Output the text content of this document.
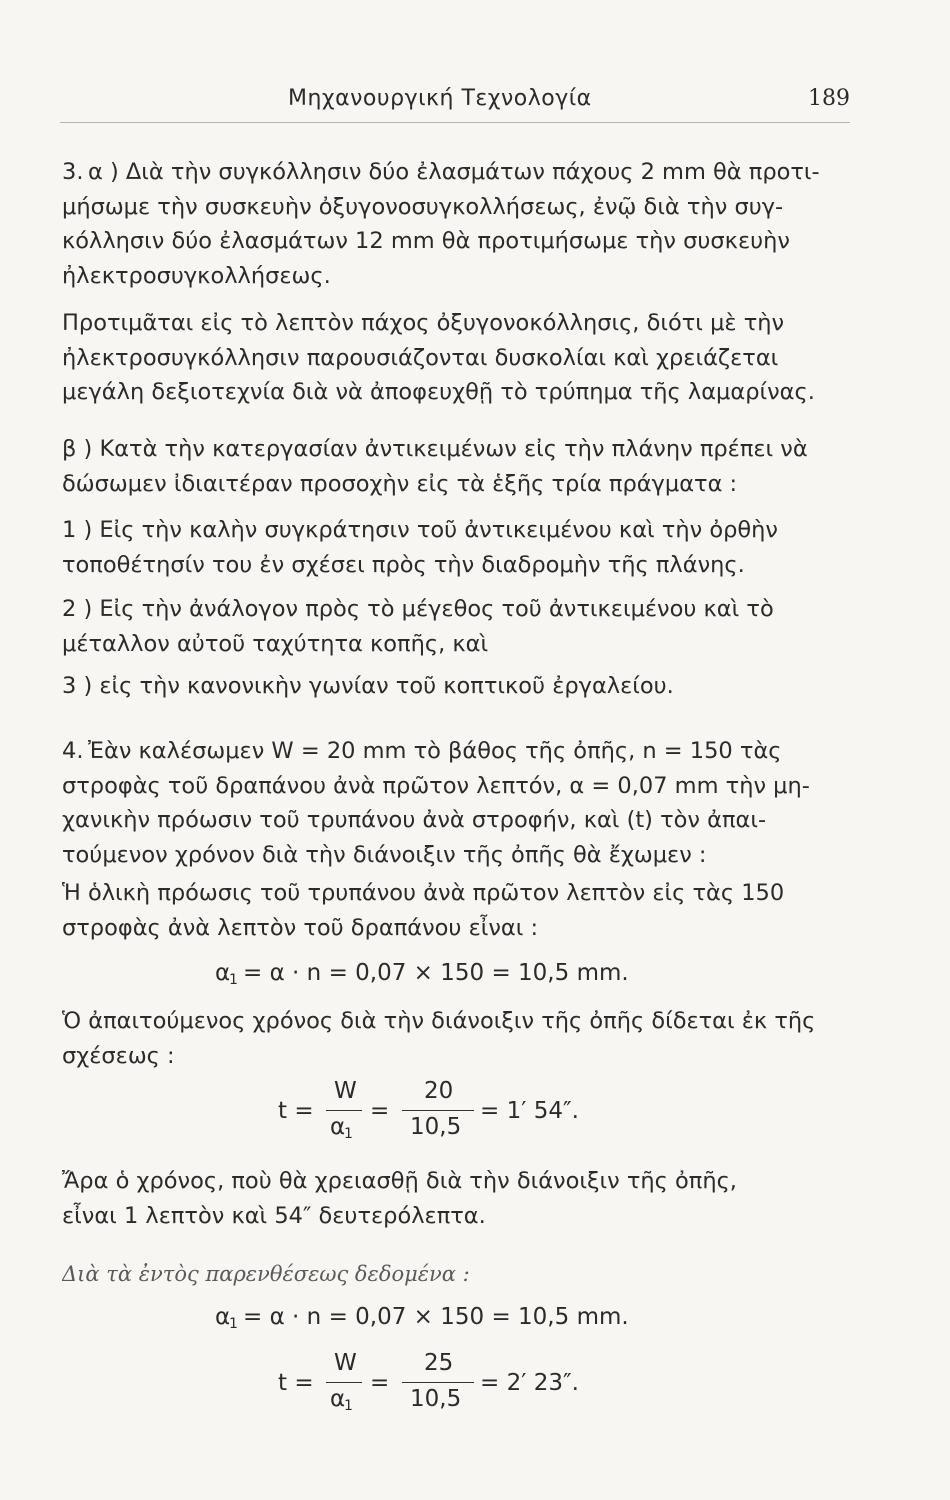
Μηχανουργική Τεχνολογία	189
3. α ) Διὰ τὴν συγκόλλησιν δύο ἐλασμάτων πάχους 2 mm θὰ προτι-
μήσωμε τὴν συσκευὴν ὀξυγονοσυγκολλήσεως, ἐνῷ διὰ τὴν συγ-
κόλλησιν δύο ἐλασμάτων 12 mm θὰ προτιμήσωμε τὴν συσκευὴν
ἠλεκτροσυγκολλήσεως.
Προτιμᾶται εἰς τὸ λεπτὸν πάχος ὀξυγονοκόλλησις, διότι μὲ τὴν
ἠλεκτροσυγκόλλησιν παρουσιάζονται δυσκολίαι καὶ χρειάζεται
μεγάλη δεξιοτεχνία διὰ νὰ ἀποφευχθῇ τὸ τρύπημα τῆς λαμαρίνας.
β ) Κατὰ τὴν κατεργασίαν ἀντικειμένων εἰς τὴν πλάνην πρέπει νὰ
δώσωμεν ἰδιαιτέραν προσοχὴν εἰς τὰ ἑξῆς τρία πράγματα :
1 ) Εἰς τὴν καλὴν συγκράτησιν τοῦ ἀντικειμένου καὶ τὴν ὀρθὴν
τοποθέτησίν του ἐν σχέσει πρὸς τὴν διαδρομὴν τῆς πλάνης.
2 ) Εἰς τὴν ἀνάλογον πρὸς τὸ μέγεθος τοῦ ἀντικειμένου καὶ τὸ
μέταλλον αὐτοῦ ταχύτητα κοπῆς, καὶ
3 ) εἰς τὴν κανονικὴν γωνίαν τοῦ κοπτικοῦ ἐργαλείου.
4. Ἐὰν καλέσωμεν W = 20 mm τὸ βάθος τῆς ὀπῆς, n = 150 τὰς
στροφὰς τοῦ δραπάνου ἀνὰ πρῶτον λεπτόν, α = 0,07 mm τὴν μη-
χανικὴν πρόωσιν τοῦ τρυπάνου ἀνὰ στροφήν, καὶ (t) τὸν ἀπαι-
τούμενον χρόνον διὰ τὴν διάνοιξιν τῆς ὀπῆς θὰ ἔχωμεν :
Ἡ ὁλικὴ πρόωσις τοῦ τρυπάνου ἀνὰ πρῶτον λεπτὸν εἰς τὰς 150
στροφὰς ἀνὰ λεπτὸν τοῦ δραπάνου εἶναι :
α
1 = α · n = 0,07 × 150 = 10,5 mm.
Ὁ ἀπαιτούμενος χρόνος διὰ τὴν διάνοιξιν τῆς ὀπῆς δίδεται ἐκ τῆς
σχέσεως :
t =
W
α
1
=
20
10,5
= 1′ 54″.
Ἄρα ὁ χρόνος, ποὺ θὰ χρειασθῇ διὰ τὴν διάνοιξιν τῆς ὀπῆς,
εἶναι 1 λεπτὸν καὶ 54″ δευτερόλεπτα.
Διὰ τὰ ἐντὸς παρενθέσεως δεδομένα :
α
1 = α · n = 0,07 × 150 = 10,5 mm.
t =
W
α
1
=
25
10,5
= 2′ 23″.
